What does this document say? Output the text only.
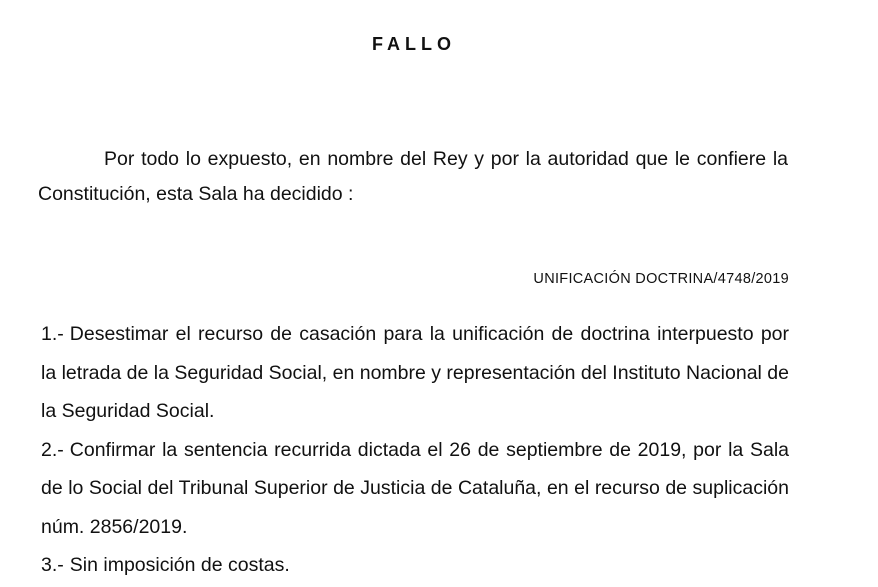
FALLO

Por todo lo expuesto, en nombre del Rey y por la autoridad que le confiere la Constitución, esta Sala ha decidido :

UNIFICACIÓN DOCTRINA/4748/2019

1.- Desestimar el recurso de casación para la unificación de doctrina interpuesto por la letrada de la Seguridad Social, en nombre y representación del Instituto Nacional de la Seguridad Social.

2.- Confirmar la sentencia recurrida dictada el 26 de septiembre de 2019, por la Sala de lo Social del Tribunal Superior de Justicia de Cataluña, en el recurso de suplicación núm. 2856/2019.

3.- Sin imposición de costas.
